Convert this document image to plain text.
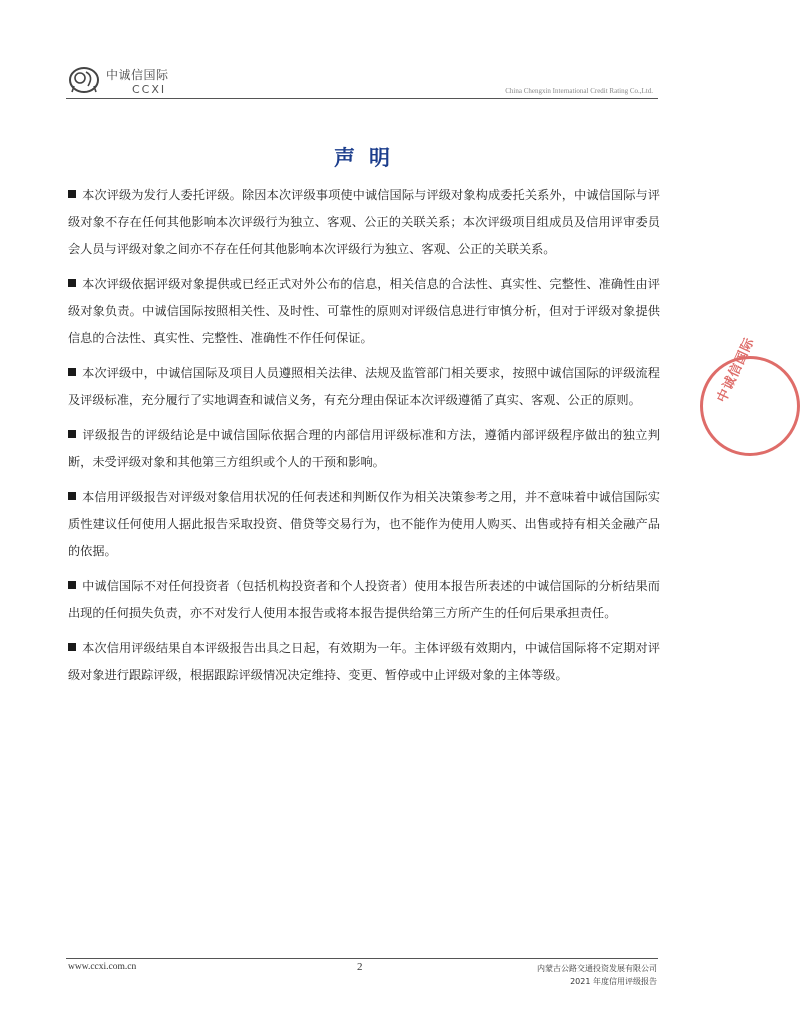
中诚信国际
CCXI	China Chengxin International Credit Rating Co.,Ltd.
声明

本次评级为发行人委托评级。除因本次评级事项使中诚信国际与评级对象构成委托关系外，中诚信国际与评级对象不存在任何其他影响本次评级行为独立、客观、公正的关联关系；本次评级项目组成员及信用评审委员会人员与评级对象之间亦不存在任何其他影响本次评级行为独立、客观、公正的关联关系。

本次评级依据评级对象提供或已经正式对外公布的信息，相关信息的合法性、真实性、完整性、准确性由评级对象负责。中诚信国际按照相关性、及时性、可靠性的原则对评级信息进行审慎分析，但对于评级对象提供信息的合法性、真实性、完整性、准确性不作任何保证。

本次评级中，中诚信国际及项目人员遵照相关法律、法规及监管部门相关要求，按照中诚信国际的评级流程及评级标准，充分履行了实地调查和诚信义务，有充分理由保证本次评级遵循了真实、客观、公正的原则。

评级报告的评级结论是中诚信国际依据合理的内部信用评级标准和方法，遵循内部评级程序做出的独立判断，未受评级对象和其他第三方组织或个人的干预和影响。

本信用评级报告对评级对象信用状况的任何表述和判断仅作为相关决策参考之用，并不意味着中诚信国际实质性建议任何使用人据此报告采取投资、借贷等交易行为，也不能作为使用人购买、出售或持有相关金融产品的依据。

中诚信国际不对任何投资者（包括机构投资者和个人投资者）使用本报告所表述的中诚信国际的分析结果而出现的任何损失负责，亦不对发行人使用本报告或将本报告提供给第三方所产生的任何后果承担责任。

本次信用评级结果自本评级报告出具之日起，有效期为一年。主体评级有效期内，中诚信国际将不定期对评级对象进行跟踪评级，根据跟踪评级情况决定维持、变更、暂停或中止评级对象的主体等级。

中诚信国际
www.ccxi.com.cn	2	内蒙古公路交通投资发展有限公司
2021 年度信用评级报告
